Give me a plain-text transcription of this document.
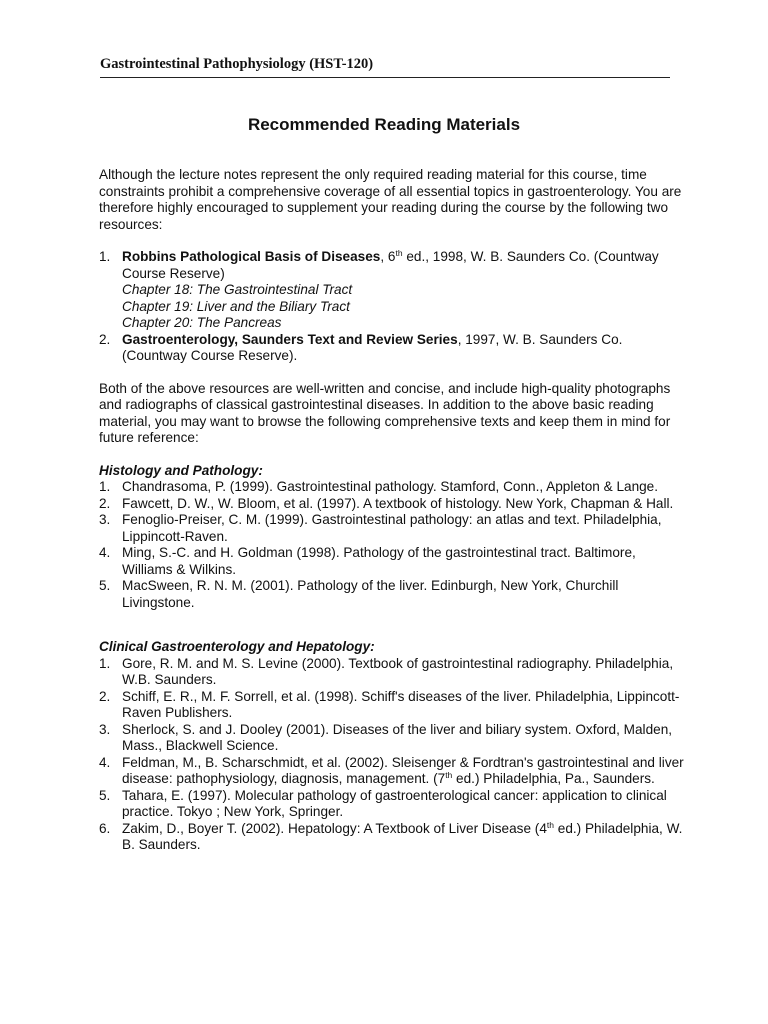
Gastrointestinal Pathophysiology (HST-120)
Recommended Reading Materials

Although the lecture notes represent the only required reading material for this course, time constraints prohibit a comprehensive coverage of all essential topics in gastroenterology. You are therefore highly encouraged to supplement your reading during the course by the following two resources:

1. Robbins Pathological Basis of Diseases, 6th ed., 1998, W. B. Saunders Co. (Countway Course Reserve)
Chapter 18: The Gastrointestinal Tract
Chapter 19: Liver and the Biliary Tract
Chapter 20: The Pancreas
2. Gastroenterology, Saunders Text and Review Series, 1997, W. B. Saunders Co. (Countway Course Reserve).

Both of the above resources are well-written and concise, and include high-quality photographs and radiographs of classical gastrointestinal diseases. In addition to the above basic reading material, you may want to browse the following comprehensive texts and keep them in mind for future reference:

Histology and Pathology:
1. Chandrasoma, P. (1999). Gastrointestinal pathology. Stamford, Conn., Appleton & Lange.
2. Fawcett, D. W., W. Bloom, et al. (1997). A textbook of histology. New York, Chapman & Hall.
3. Fenoglio-Preiser, C. M. (1999). Gastrointestinal pathology: an atlas and text. Philadelphia, Lippincott-Raven.
4. Ming, S.-C. and H. Goldman (1998). Pathology of the gastrointestinal tract. Baltimore, Williams & Wilkins.
5. MacSween, R. N. M. (2001). Pathology of the liver. Edinburgh, New York, Churchill Livingstone.
Clinical Gastroenterology and Hepatology:
1. Gore, R. M. and M. S. Levine (2000). Textbook of gastrointestinal radiography. Philadelphia, W.B. Saunders.
2. Schiff, E. R., M. F. Sorrell, et al. (1998). Schiff's diseases of the liver. Philadelphia, Lippincott-Raven Publishers.
3. Sherlock, S. and J. Dooley (2001). Diseases of the liver and biliary system. Oxford, Malden, Mass., Blackwell Science.
4. Feldman, M., B. Scharschmidt, et al. (2002). Sleisenger & Fordtran's gastrointestinal and liver disease: pathophysiology, diagnosis, management. (7th ed.) Philadelphia, Pa., Saunders.
5. Tahara, E. (1997). Molecular pathology of gastroenterological cancer: application to clinical practice. Tokyo ; New York, Springer.
6. Zakim, D., Boyer T. (2002). Hepatology: A Textbook of Liver Disease (4th ed.) Philadelphia, W. B. Saunders.
